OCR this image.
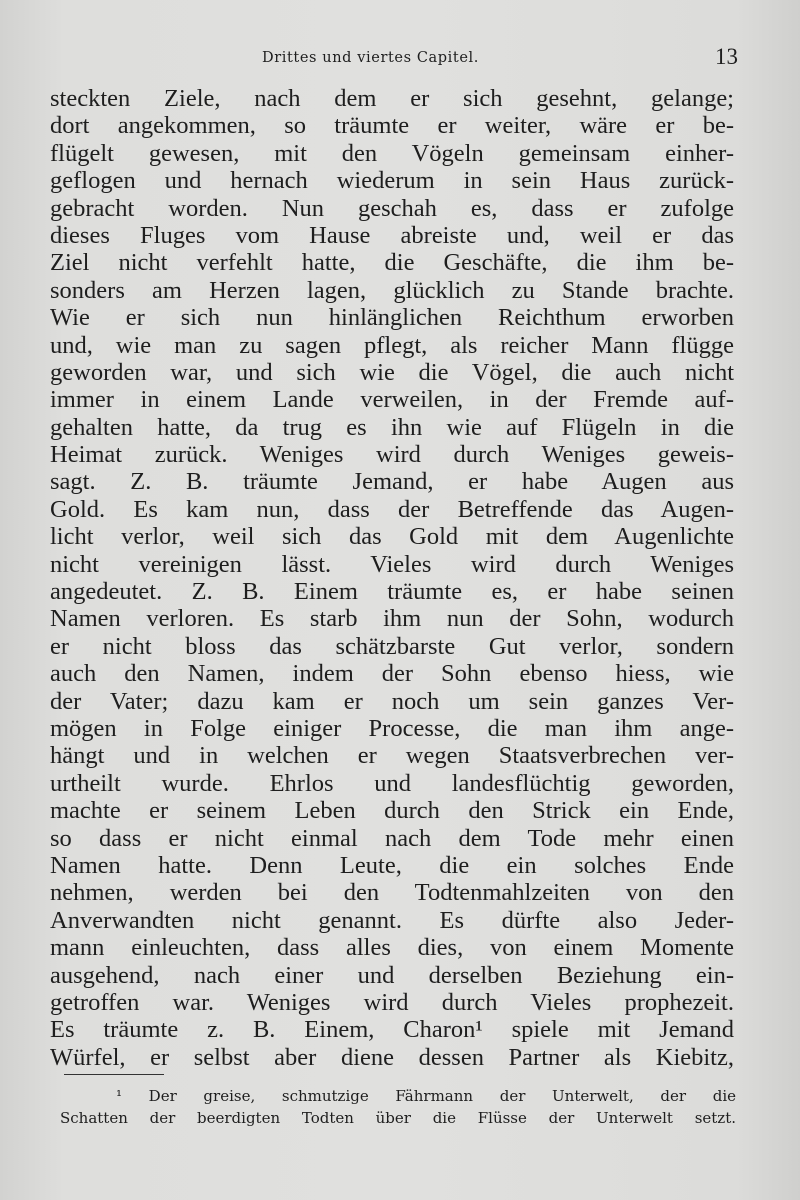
Drittes und viertes Capitel.	13
steckten Ziele, nach dem er sich gesehnt, gelange;
dort angekommen, so träumte er weiter, wäre er be-
flügelt gewesen, mit den Vögeln gemeinsam einher-
geflogen und hernach wiederum in sein Haus zurück-
gebracht worden. Nun geschah es, dass er zufolge
dieses Fluges vom Hause abreiste und, weil er das
Ziel nicht verfehlt hatte, die Geschäfte, die ihm be-
sonders am Herzen lagen, glücklich zu Stande brachte.
Wie er sich nun hinlänglichen Reichthum erworben
und, wie man zu sagen pflegt, als reicher Mann flügge
geworden war, und sich wie die Vögel, die auch nicht
immer in einem Lande verweilen, in der Fremde auf-
gehalten hatte, da trug es ihn wie auf Flügeln in die
Heimat zurück. Weniges wird durch Weniges geweis-
sagt. Z. B. träumte Jemand, er habe Augen aus
Gold. Es kam nun, dass der Betreffende das Augen-
licht verlor, weil sich das Gold mit dem Augenlichte
nicht vereinigen lässt. Vieles wird durch Weniges
angedeutet. Z. B. Einem träumte es, er habe seinen
Namen verloren. Es starb ihm nun der Sohn, wodurch
er nicht bloss das schätzbarste Gut verlor, sondern
auch den Namen, indem der Sohn ebenso hiess, wie
der Vater; dazu kam er noch um sein ganzes Ver-
mögen in Folge einiger Processe, die man ihm ange-
hängt und in welchen er wegen Staatsverbrechen ver-
urtheilt wurde. Ehrlos und landesflüchtig geworden,
machte er seinem Leben durch den Strick ein Ende,
so dass er nicht einmal nach dem Tode mehr einen
Namen hatte. Denn Leute, die ein solches Ende
nehmen, werden bei den Todtenmahlzeiten von den
Anverwandten nicht genannt. Es dürfte also Jeder-
mann einleuchten, dass alles dies, von einem Momente
ausgehend, nach einer und derselben Beziehung ein-
getroffen war. Weniges wird durch Vieles prophezeit.
Es träumte z. B. Einem, Charon¹ spiele mit Jemand
Würfel, er selbst aber diene dessen Partner als Kiebitz,
¹ Der greise, schmutzige Fährmann der Unterwelt, der die
Schatten der beerdigten Todten über die Flüsse der Unterwelt setzt.
